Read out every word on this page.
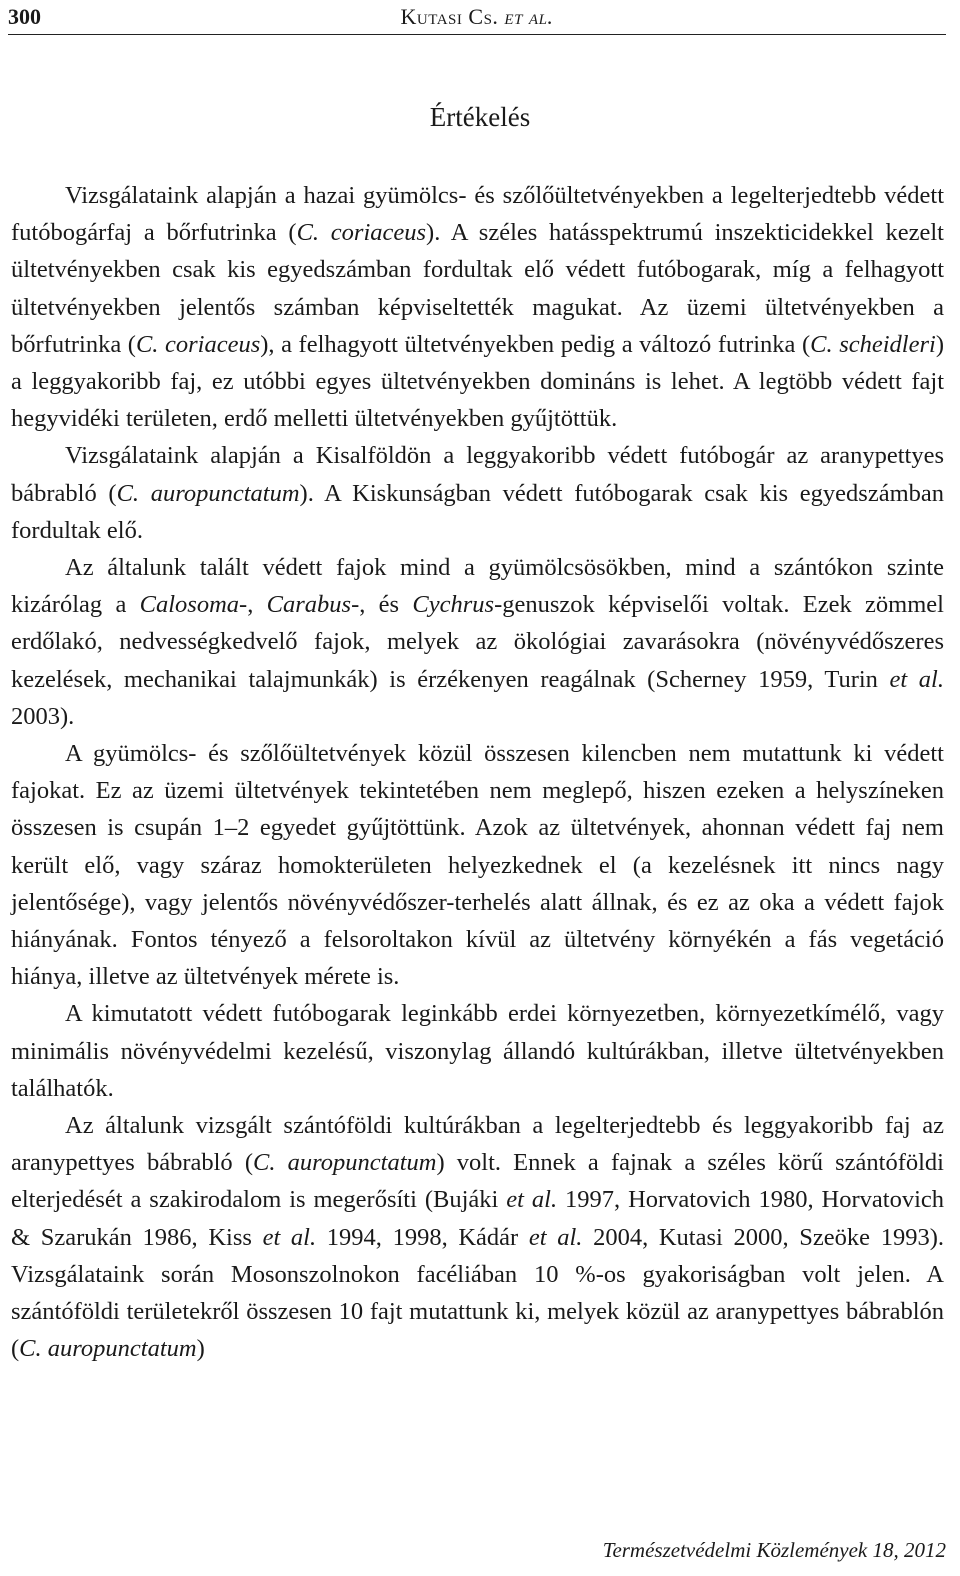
300	Kutasi Cs. et al.
Értékelés

Vizsgálataink alapján a hazai gyümölcs- és szőlőültetvényekben a legelterjedtebb védett futóbogárfaj a bőrfutrinka (C. coriaceus). A széles hatásspektrumú inszekticidekkel kezelt ültetvényekben csak kis egyedszámban fordultak elő védett futóbogarak, míg a felhagyott ültetvényekben jelentős számban képviseltették magukat. Az üzemi ültetvényekben a bőrfutrinka (C. coriaceus), a felhagyott ültetvényekben pedig a változó futrinka (C. scheidleri) a leggyakoribb faj, ez utóbbi egyes ültetvényekben domináns is lehet. A legtöbb védett fajt hegyvidéki területen, erdő melletti ültetvényekben gyűjtöttük.

Vizsgálataink alapján a Kisalföldön a leggyakoribb védett futóbogár az aranypettyes bábrabló (C. auropunctatum). A Kiskunságban védett futóbogarak csak kis egyedszámban fordultak elő.

Az általunk talált védett fajok mind a gyümölcsösökben, mind a szántókon szinte kizárólag a Calosoma-, Carabus-, és Cychrus-genuszok képviselői voltak. Ezek zömmel erdőlakó, nedvességkedvelő fajok, melyek az ökológiai zavarásokra (növényvédőszeres kezelések, mechanikai talajmunkák) is érzékenyen reagálnak (Scherney 1959, Turin et al. 2003).

A gyümölcs- és szőlőültetvények közül összesen kilencben nem mutattunk ki védett fajokat. Ez az üzemi ültetvények tekintetében nem meglepő, hiszen ezeken a helyszíneken összesen is csupán 1–2 egyedet gyűjtöttünk. Azok az ültetvények, ahonnan védett faj nem került elő, vagy száraz homokterületen helyezkednek el (a kezelésnek itt nincs nagy jelentősége), vagy jelentős növényvédőszer-terhelés alatt állnak, és ez az oka a védett fajok hiányának. Fontos tényező a felsoroltakon kívül az ültetvény környékén a fás vegetáció hiánya, illetve az ültetvények mérete is.

A kimutatott védett futóbogarak leginkább erdei környezetben, környezetkímélő, vagy minimális növényvédelmi kezelésű, viszonylag állandó kultúrákban, illetve ültetvényekben találhatók.

Az általunk vizsgált szántóföldi kultúrákban a legelterjedtebb és leggyakoribb faj az aranypettyes bábrabló (C. auropunctatum) volt. Ennek a fajnak a széles körű szántóföldi elterjedését a szakirodalom is megerősíti (Bujáki et al. 1997, Horvatovich 1980, Horvatovich & Szarukán 1986, Kiss et al. 1994, 1998, Kádár et al. 2004, Kutasi 2000, Szeöke 1993). Vizsgálataink során Mosonszolnokon facéliában 10 %-os gyakoriságban volt jelen. A szántóföldi területekről összesen 10 fajt mutattunk ki, melyek közül az aranypettyes bábrablón (C. auropunctatum)

Természetvédelmi Közlemények 18, 2012
